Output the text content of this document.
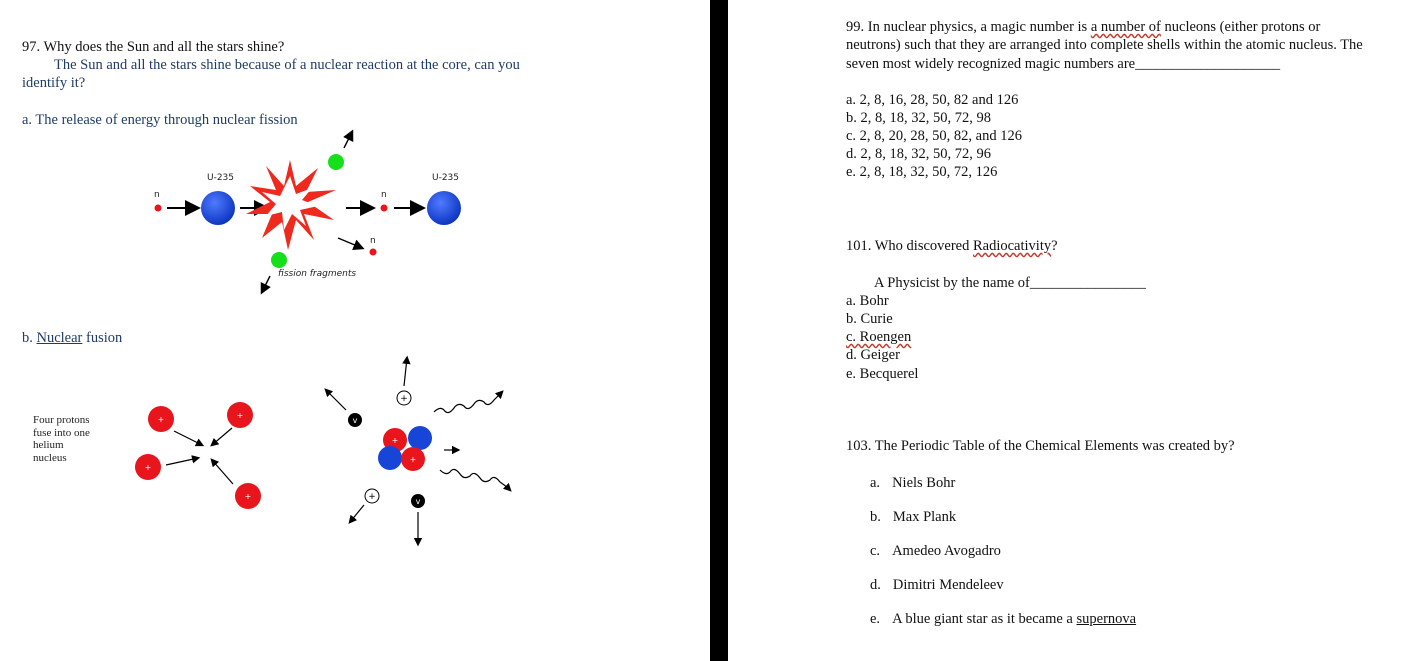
97. Why does the Sun and all the stars shine?
The Sun and all the stars shine because of a nuclear reaction at the core, can you
identify it?
a. The release of energy through nuclear fission
U-235	U-235
n	n
n
fission fragments
b. Nuclear fusion
Four protons
fuse into one
helium
nucleus
+	+
+
+
+
+
v
+
+	v
99. In nuclear physics, a magic number is a number of nucleons (either protons or
neutrons) such that they are arranged into complete shells within the atomic nucleus. The
seven most widely recognized magic numbers are____________________
a. 2, 8, 16, 28, 50, 82 and 126
b. 2, 8, 18, 32, 50, 72, 98
c. 2, 8, 20, 28, 50, 82, and 126
d. 2, 8, 18, 32, 50, 72, 96
e. 2, 8, 18, 32, 50, 72, 126
101. Who discovered Radiocativity?
A Physicist by the name of________________
a. Bohr
b. Curie
c. Roengen
d. Geiger
e. Becquerel
103. The Periodic Table of the Chemical Elements was created by?
a. Niels Bohr
b. Max Plank
c. Amedeo Avogadro
d. Dimitri Mendeleev
e. A blue giant star as it became a supernova
